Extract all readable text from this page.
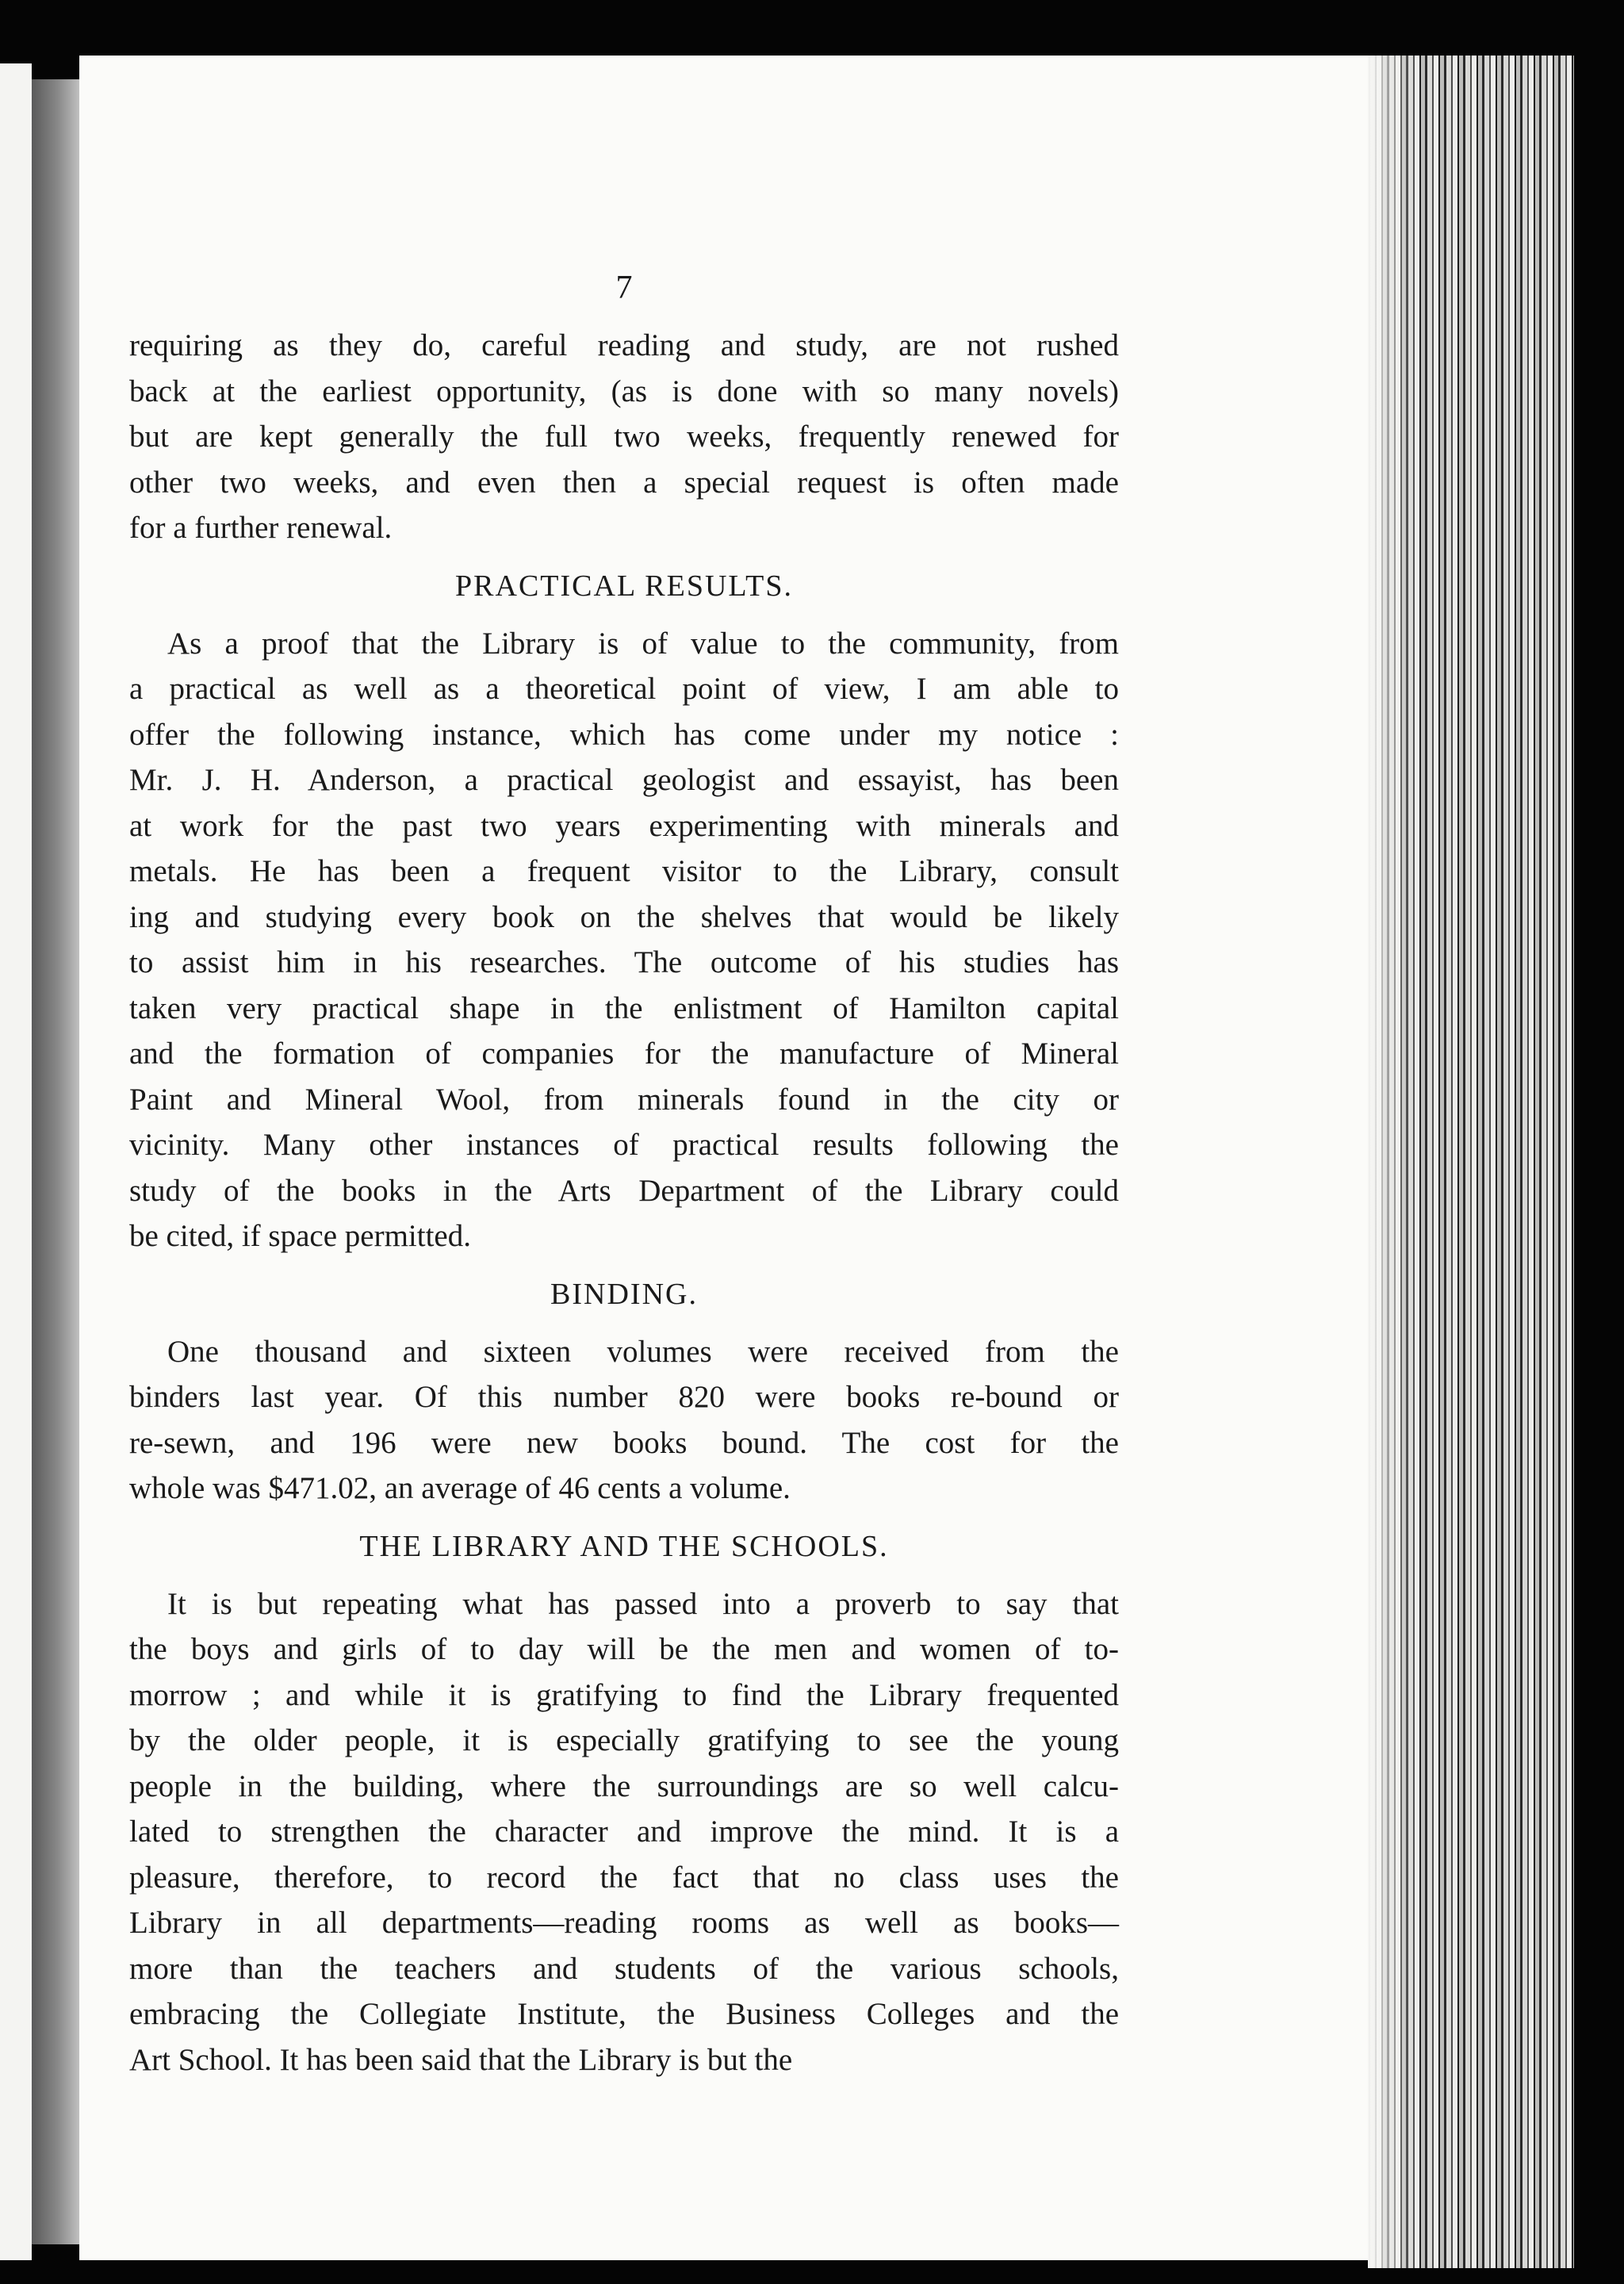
7
requiring as they do, careful reading and study, are not rushed
back at the earliest opportunity, (as is done with so many novels)
but are kept generally the full two weeks, frequently renewed for
other two weeks, and even then a special request is often made
for a further renewal.
PRACTICAL RESULTS.
As a proof that the Library is of value to the community, from
a practical as well as a theoretical point of view, I am able to
offer the following instance, which has come under my notice :
Mr. J. H. Anderson, a practical geologist and essayist, has been
at work for the past two years experimenting with minerals and
metals. He has been a frequent visitor to the Library, consult
ing and studying every book on the shelves that would be likely
to assist him in his researches. The outcome of his studies has
taken very practical shape in the enlistment of Hamilton capital
and the formation of companies for the manufacture of Mineral
Paint and Mineral Wool, from minerals found in the city or
vicinity. Many other instances of practical results following the
study of the books in the Arts Department of the Library could
be cited, if space permitted.
BINDING.
One thousand and sixteen volumes were received from the
binders last year. Of this number 820 were books re-bound or
re-sewn, and 196 were new books bound. The cost for the
whole was $471.02, an average of 46 cents a volume.
THE LIBRARY AND THE SCHOOLS.
It is but repeating what has passed into a proverb to say that
the boys and girls of to day will be the men and women of to-
morrow ; and while it is gratifying to find the Library frequented
by the older people, it is especially gratifying to see the young
people in the building, where the surroundings are so well calcu-
lated to strengthen the character and improve the mind. It is a
pleasure, therefore, to record the fact that no class uses the
Library in all departments—reading rooms as well as books—
more than the teachers and students of the various schools,
embracing the Collegiate Institute, the Business Colleges and the
Art School. It has been said that the Library is but the
